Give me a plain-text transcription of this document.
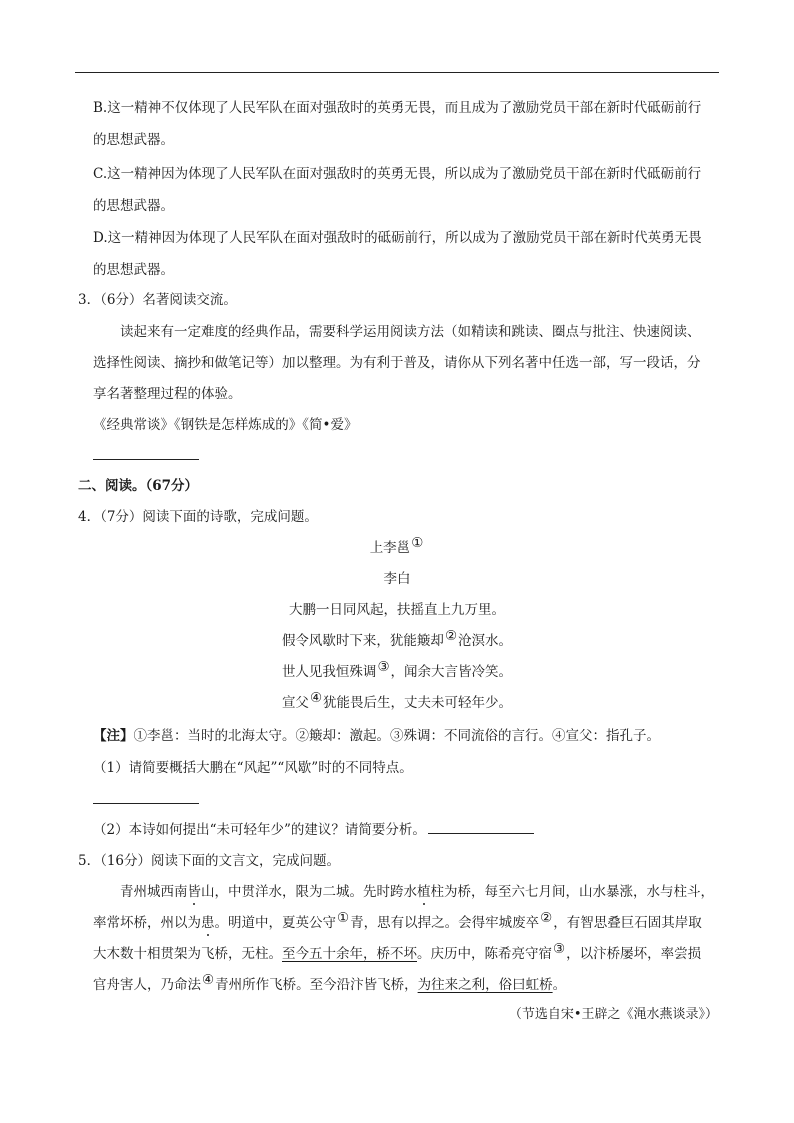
B.这一精神不仅体现了人民军队在面对强敌时的英勇无畏，而且成为了激励党员干部在新时代砥砺前行
的思想武器。
C.这一精神因为体现了人民军队在面对强敌时的英勇无畏，所以成为了激励党员干部在新时代砥砺前行
的思想武器。
D.这一精神因为体现了人民军队在面对强敌时的砥砺前行，所以成为了激励党员干部在新时代英勇无畏
的思想武器。
3．（6分）名著阅读交流。
读起来有一定难度的经典作品，需要科学运用阅读方法（如精读和跳读、圈点与批注、快速阅读、
选择性阅读、摘抄和做笔记等）加以整理。为有利于普及，请你从下列名著中任选一部，写一段话，分
享名著整理过程的体验。
《经典常谈》《钢铁是怎样炼成的》《简•爱》
二、阅读。（67分）
4．（7分）阅读下面的诗歌，完成问题。
上李邕①
李白
大鹏一日同风起，扶摇直上九万里。
假令风歇时下来，犹能簸却②沧溟水。
世人见我恒殊调③，闻余大言皆冷笑。
宣父④犹能畏后生，丈夫未可轻年少。
【注】①李邕：当时的北海太守。②簸却：激起。③殊调：不同流俗的言行。④宣父：指孔子。
（1）请简要概括大鹏在“风起”“风歇”时的不同特点。
（2）本诗如何提出“未可轻年少”的建议？请简要分析。
5．（16分）阅读下面的文言文，完成问题。
青州城西南皆山，中贯洋水，限为二城。先时跨水植柱为桥，每至六七月间，山水暴涨，水与柱斗，
率常坏桥，州以为患。明道中，夏英公守①青，思有以捍之。会得牢城废卒②，有智思叠巨石固其岸取
大木数十相贯架为飞桥，无柱。至今五十余年，桥不坏。庆历中，陈希亮守宿③，以汴桥屡坏，率尝损
官舟害人，乃命法④青州所作飞桥。至今沿汴皆飞桥，为往来之利，俗曰虹桥。
（节选自宋•王辟之《渑水燕谈录》）
